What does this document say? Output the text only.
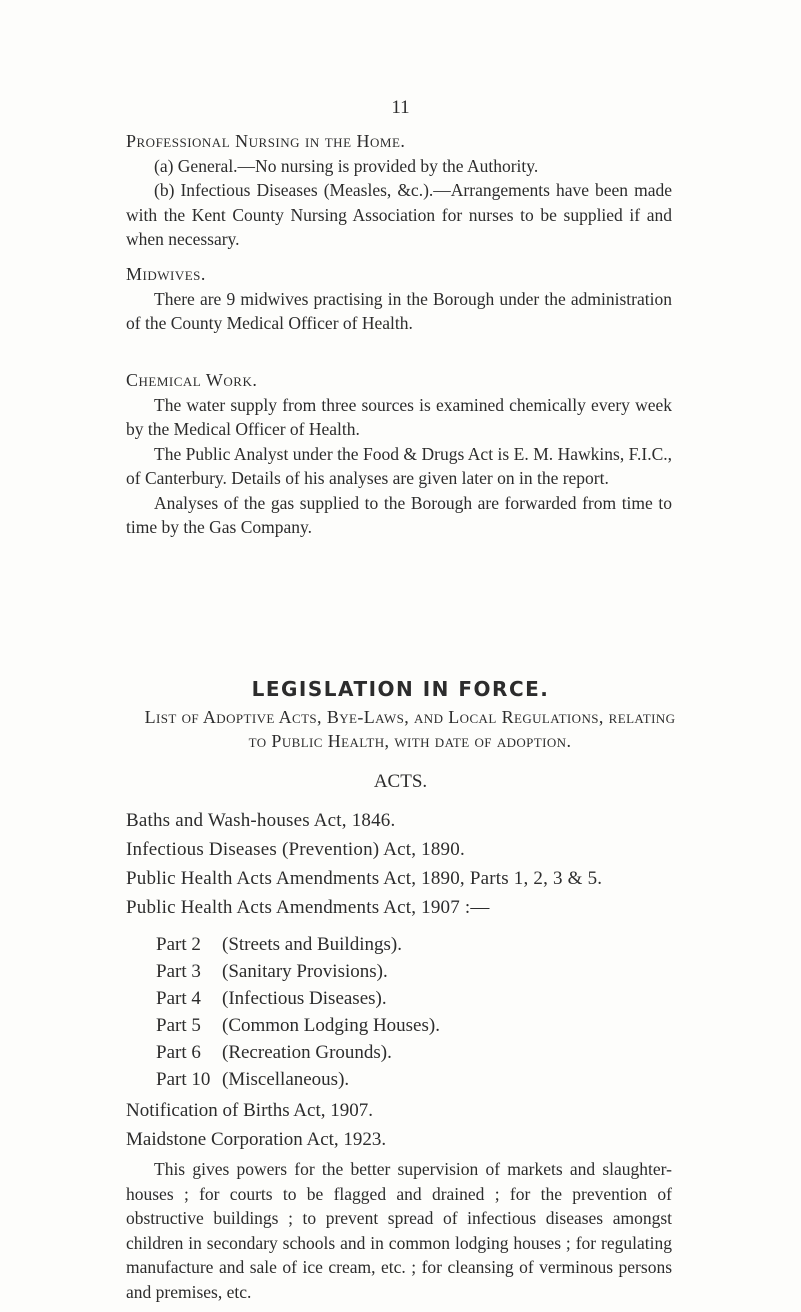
11

Professional Nursing in the Home.

(a) General.—No nursing is provided by the Authority.

(b) Infectious Diseases (Measles, &c.).—Arrangements have been made with the Kent County Nursing Association for nurses to be supplied if and when necessary.

Midwives.

There are 9 midwives practising in the Borough under the administration of the County Medical Officer of Health.

Chemical Work.

The water supply from three sources is examined chemically every week by the Medical Officer of Health.

The Public Analyst under the Food & Drugs Act is E. M. Hawkins, F.I.C., of Canterbury. Details of his analyses are given later on in the report.

Analyses of the gas supplied to the Borough are forwarded from time to time by the Gas Company.

LEGISLATION IN FORCE.
List of Adoptive Acts, Bye-Laws, and Local Regulations, relating to Public Health, with date of adoption.
ACTS.
Baths and Wash-houses Act, 1846.
Infectious Diseases (Prevention) Act, 1890.
Public Health Acts Amendments Act, 1890, Parts 1, 2, 3 & 5.
Public Health Acts Amendments Act, 1907 :—
Part 2	(Streets and Buildings).
Part 3	(Sanitary Provisions).
Part 4	(Infectious Diseases).
Part 5	(Common Lodging Houses).
Part 6	(Recreation Grounds).
Part 10 (Miscellaneous).
Notification of Births Act, 1907.
Maidstone Corporation Act, 1923.

This gives powers for the better supervision of markets and slaughter-houses ; for courts to be flagged and drained ; for the prevention of obstructive buildings ; to prevent spread of infectious diseases amongst children in secondary schools and in common lodging houses ; for regulating manufacture and sale of ice cream, etc. ; for cleansing of verminous persons and premises, etc.
